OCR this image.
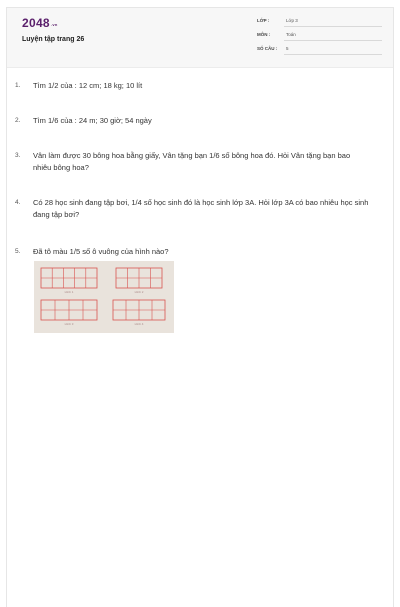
2048.vn
Luyện tập trang 26
LỚP :	Lớp 3
MÔN :	Toán
SỐ CÂU :	5
1. Tìm 1/2 của : 12 cm; 18 kg; 10 lít
2. Tìm 1/6 của : 24 m; 30 giờ; 54 ngày
3. Vân làm được 30 bông hoa bằng giấy, Vân tặng bạn 1/6 số bông hoa đó. Hỏi Vân tặng bạn bao nhiêu bông hoa?
4. Có 28 học sinh đang tập bơi, 1/4 số học sinh đó là học sinh lớp 3A. Hỏi lớp 3A có bao nhiêu học sinh đang tập bơi?
5. Đã tô màu 1/5 số ô vuông của hình nào?
Hình 1	Hình 2
Hình 3	Hình 4
